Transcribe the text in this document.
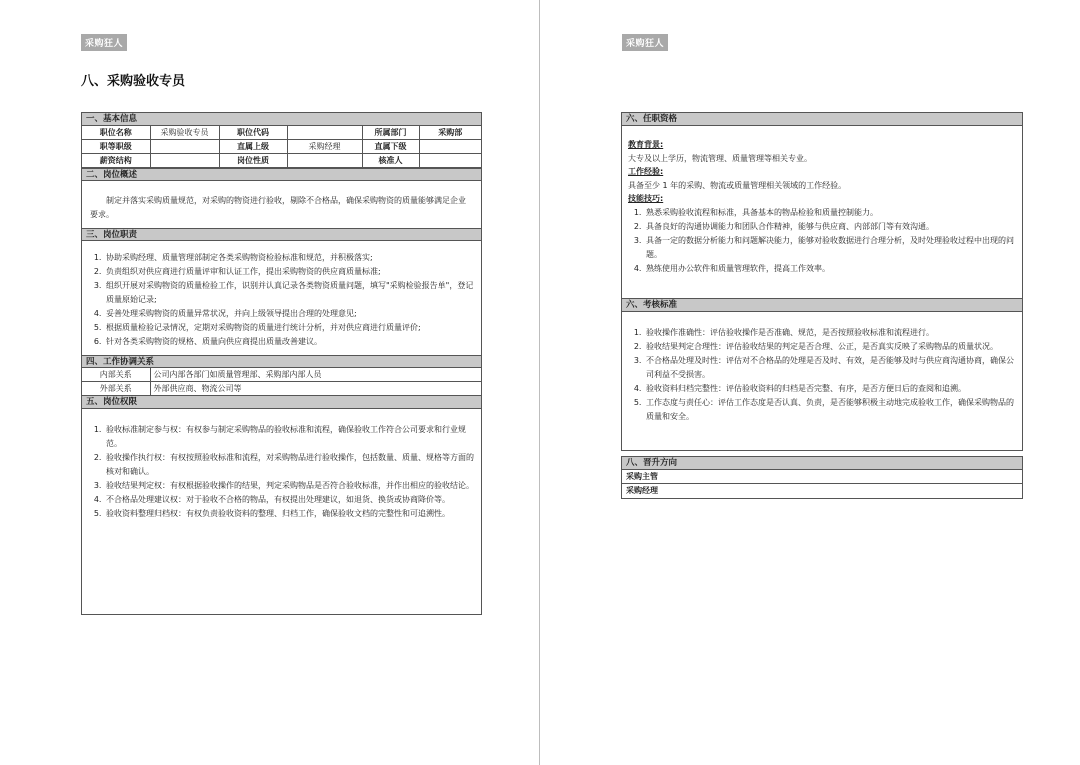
采购狂人
八、采购验收专员
一、基本信息
职位名称	采购验收专员	职位代码		所属部门	采购部
职等职级		直属上级	采购经理	直属下级	
薪资结构		岗位性质		核准人	
二、岗位概述
制定并落实采购质量规范，对采购的物资进行验收，剔除不合格品，确保采购物资的质量能够满足企业要求。
三、岗位职责
1. 协助采购经理、质量管理部制定各类采购物资检验标准和规范，并积极落实;
2. 负责组织对供应商进行质量评审和认证工作，提出采购物资的供应商质量标准;
3. 组织开展对采购物资的质量检验工作，识别并认真记录各类物资质量问题，填写"采购检验报告单"，登记质量原始记录;
4. 妥善处理采购物资的质量异常状况，并向上级领导提出合理的处理意见;
5. 根据质量检验记录情况，定期对采购物资的质量进行统计分析，并对供应商进行质量评价;
6. 针对各类采购物资的规格、质量向供应商提出质量改善建议。
四、工作协调关系
内部关系	公司内部各部门如质量管理部、采购部内部人员
外部关系	外部供应商、物流公司等
五、岗位权限
1. 验收标准制定参与权：有权参与制定采购物品的验收标准和流程，确保验收工作符合公司要求和行业规范。
2. 验收操作执行权：有权按照验收标准和流程，对采购物品进行验收操作，包括数量、质量、规格等方面的核对和确认。
3. 验收结果判定权：有权根据验收操作的结果，判定采购物品是否符合验收标准，并作出相应的验收结论。
4. 不合格品处理建议权：对于验收不合格的物品，有权提出处理建议，如退货、换货或协商降价等。
5. 验收资料整理归档权：有权负责验收资料的整理、归档工作，确保验收文档的完整性和可追溯性。
采购狂人
六、任职资格
教育背景:
大专及以上学历，物流管理、质量管理等相关专业。
工作经验:
具备至少 1 年的采购、物流或质量管理相关领域的工作经验。
技能技巧:
1. 熟悉采购验收流程和标准，具备基本的物品检验和质量控制能力。
2. 具备良好的沟通协调能力和团队合作精神，能够与供应商、内部部门等有效沟通。
3. 具备一定的数据分析能力和问题解决能力，能够对验收数据进行合理分析，及时处理验收过程中出现的问题。
4. 熟练使用办公软件和质量管理软件，提高工作效率。
六、考核标准
1. 验收操作准确性：评估验收操作是否准确、规范，是否按照验收标准和流程进行。
2. 验收结果判定合理性：评估验收结果的判定是否合理、公正，是否真实反映了采购物品的质量状况。
3. 不合格品处理及时性：评估对不合格品的处理是否及时、有效，是否能够及时与供应商沟通协商，确保公司利益不受损害。
4. 验收资料归档完整性：评估验收资料的归档是否完整、有序，是否方便日后的查阅和追溯。
5. 工作态度与责任心：评估工作态度是否认真、负责，是否能够积极主动地完成验收工作，确保采购物品的质量和安全。
八、晋升方向
采购主管
采购经理
